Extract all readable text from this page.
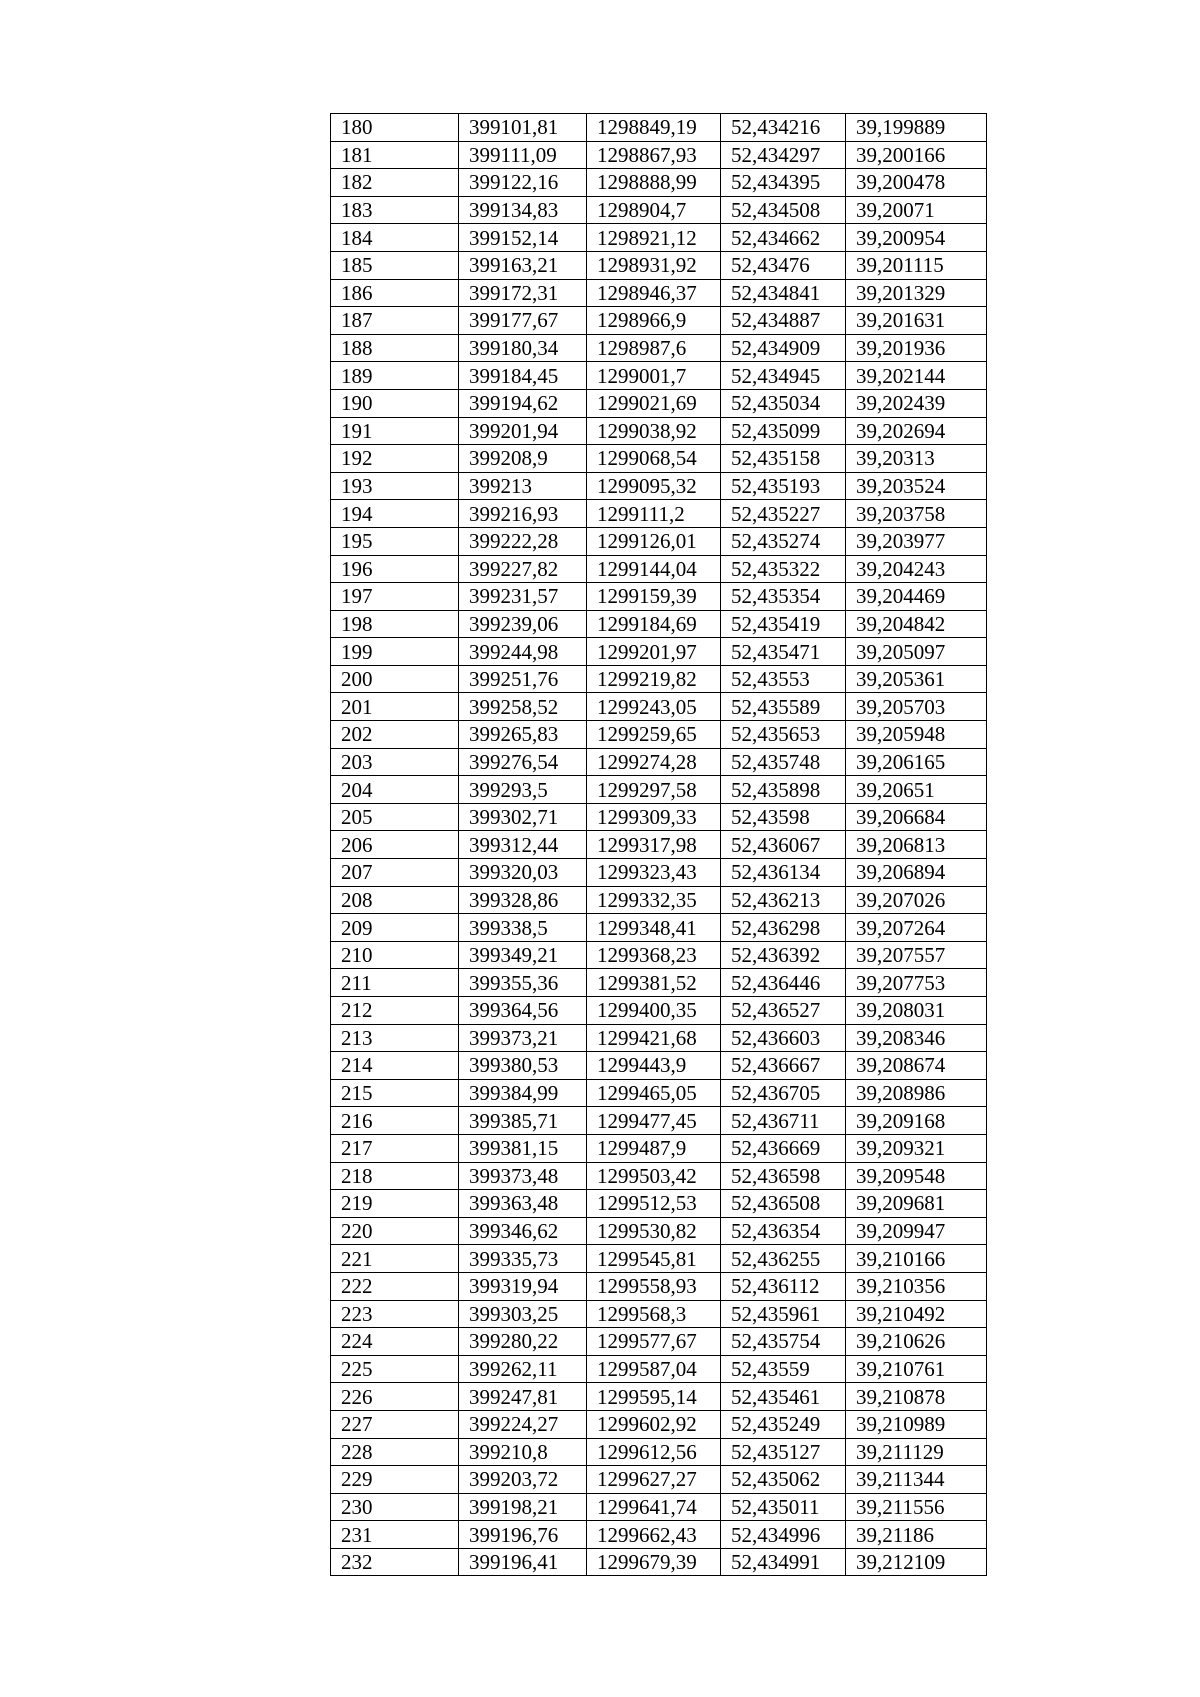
180	399101,81	1298849,19	52,434216	39,199889
181	399111,09	1298867,93	52,434297	39,200166
182	399122,16	1298888,99	52,434395	39,200478
183	399134,83	1298904,7	52,434508	39,20071
184	399152,14	1298921,12	52,434662	39,200954
185	399163,21	1298931,92	52,43476	39,201115
186	399172,31	1298946,37	52,434841	39,201329
187	399177,67	1298966,9	52,434887	39,201631
188	399180,34	1298987,6	52,434909	39,201936
189	399184,45	1299001,7	52,434945	39,202144
190	399194,62	1299021,69	52,435034	39,202439
191	399201,94	1299038,92	52,435099	39,202694
192	399208,9	1299068,54	52,435158	39,20313
193	399213	1299095,32	52,435193	39,203524
194	399216,93	1299111,2	52,435227	39,203758
195	399222,28	1299126,01	52,435274	39,203977
196	399227,82	1299144,04	52,435322	39,204243
197	399231,57	1299159,39	52,435354	39,204469
198	399239,06	1299184,69	52,435419	39,204842
199	399244,98	1299201,97	52,435471	39,205097
200	399251,76	1299219,82	52,43553	39,205361
201	399258,52	1299243,05	52,435589	39,205703
202	399265,83	1299259,65	52,435653	39,205948
203	399276,54	1299274,28	52,435748	39,206165
204	399293,5	1299297,58	52,435898	39,20651
205	399302,71	1299309,33	52,43598	39,206684
206	399312,44	1299317,98	52,436067	39,206813
207	399320,03	1299323,43	52,436134	39,206894
208	399328,86	1299332,35	52,436213	39,207026
209	399338,5	1299348,41	52,436298	39,207264
210	399349,21	1299368,23	52,436392	39,207557
211	399355,36	1299381,52	52,436446	39,207753
212	399364,56	1299400,35	52,436527	39,208031
213	399373,21	1299421,68	52,436603	39,208346
214	399380,53	1299443,9	52,436667	39,208674
215	399384,99	1299465,05	52,436705	39,208986
216	399385,71	1299477,45	52,436711	39,209168
217	399381,15	1299487,9	52,436669	39,209321
218	399373,48	1299503,42	52,436598	39,209548
219	399363,48	1299512,53	52,436508	39,209681
220	399346,62	1299530,82	52,436354	39,209947
221	399335,73	1299545,81	52,436255	39,210166
222	399319,94	1299558,93	52,436112	39,210356
223	399303,25	1299568,3	52,435961	39,210492
224	399280,22	1299577,67	52,435754	39,210626
225	399262,11	1299587,04	52,43559	39,210761
226	399247,81	1299595,14	52,435461	39,210878
227	399224,27	1299602,92	52,435249	39,210989
228	399210,8	1299612,56	52,435127	39,211129
229	399203,72	1299627,27	52,435062	39,211344
230	399198,21	1299641,74	52,435011	39,211556
231	399196,76	1299662,43	52,434996	39,21186
232	399196,41	1299679,39	52,434991	39,212109
